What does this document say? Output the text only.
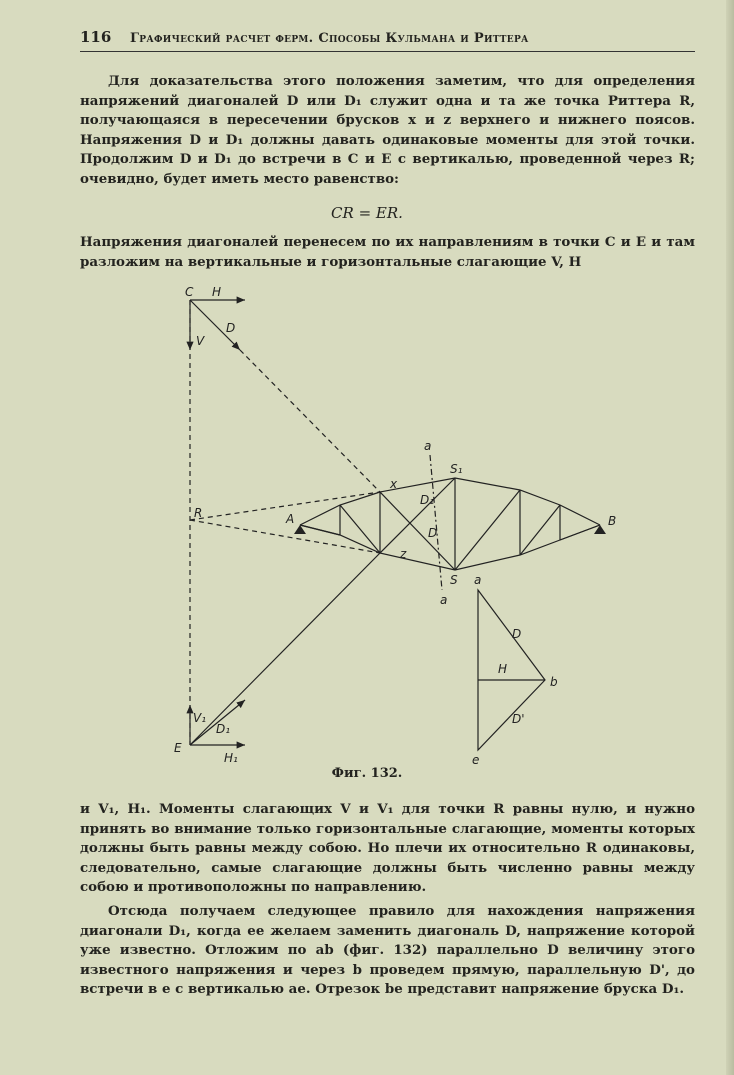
116	Графический расчет ферм. Способы Кульмана и Риттера
Для доказательства этого положения заметим, что для определения напряжений диагоналей D или D₁ служит одна и та же точка Риттера R, получающаяся в пересечении брусков x и z верхнего и нижнего поясов. Напряжения D и D₁ должны давать одинаковые моменты для этой точки. Продолжим D и D₁ до встречи в C и E с вертикалью, проведенной через R; очевидно, будет иметь место равенство:
CR = ER.
Напряжения диагоналей перенесем по их направлениям в точки C и E и там разложим на вертикальные и горизонтальные слагающие V, H
C H
V
D
R	A	B
x
z
S₁
S
D₁
D
a
a
E
V₁
D₁
H₁
a
D
H
b
D'
e
Фиг. 132.
и V₁, H₁. Моменты слагающих V и V₁ для точки R равны нулю, и нужно принять во внимание только горизонтальные слагающие, моменты которых должны быть равны между собою. Но плечи их относительно R одинаковы, следовательно, самые слагающие должны быть численно равны между собою и противоположны по направлению.
Отсюда получаем следующее правило для нахождения напряжения диагонали D₁, когда ее желаем заменить диагональ D, напряжение которой уже известно. Отложим по ab (фиг. 132) параллельно D величину этого известного напряжения и через b проведем прямую, параллельную D', до встречи в e с вертикалью ae. Отрезок be представит напряжение бруска D₁.
